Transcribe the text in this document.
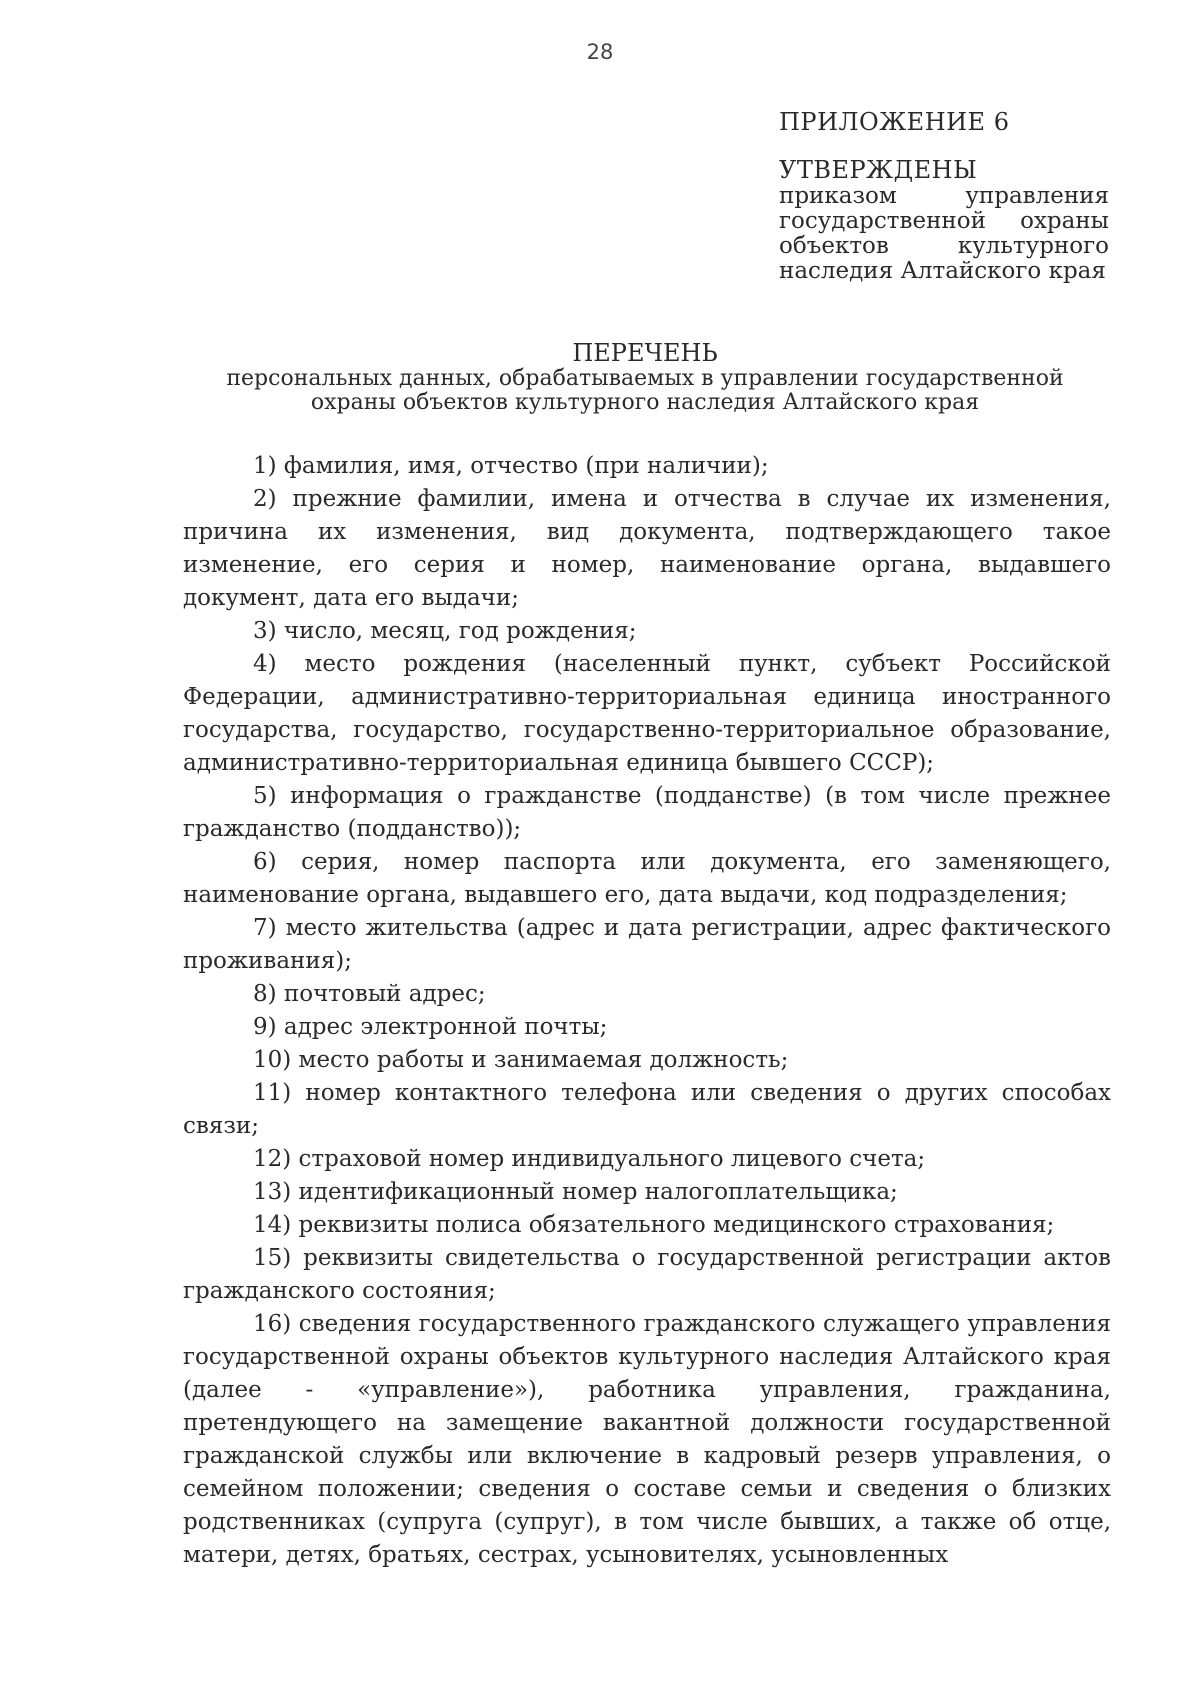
28
ПРИЛОЖЕНИЕ 6
УТВЕРЖДЕНЫ
приказом управления государственной охраны объектов культурного наследия Алтайского края
ПЕРЕЧЕНЬ
персональных данных, обрабатываемых в управлении государственной
охраны объектов культурного наследия Алтайского края

1) фамилия, имя, отчество (при наличии);

2) прежние фамилии, имена и отчества в случае их изменения, причина их изменения, вид документа, подтверждающего такое изменение, его серия и номер, наименование органа, выдавшего документ, дата его выдачи;

3) число, месяц, год рождения;

4) место рождения (населенный пункт, субъект Российской Федерации, административно-территориальная единица иностранного государства, государство, государственно-территориальное образование, административно-территориальная единица бывшего СССР);

5) информация о гражданстве (подданстве) (в том числе прежнее гражданство (подданство));

6) серия, номер паспорта или документа, его заменяющего, наименование органа, выдавшего его, дата выдачи, код подразделения;

7) место жительства (адрес и дата регистрации, адрес фактического проживания);

8) почтовый адрес;

9) адрес электронной почты;

10) место работы и занимаемая должность;

11) номер контактного телефона или сведения о других способах связи;

12) страховой номер индивидуального лицевого счета;

13) идентификационный номер налогоплательщика;

14) реквизиты полиса обязательного медицинского страхования;

15) реквизиты свидетельства о государственной регистрации актов гражданского состояния;

16) сведения государственного гражданского служащего управления государственной охраны объектов культурного наследия Алтайского края (далее - «управление»), работника управления, гражданина, претендующего на замещение вакантной должности государственной гражданской службы или включение в кадровый резерв управления, о семейном положении; сведения о составе семьи и сведения о близких родственниках (супруга (супруг), в том числе бывших, а также об отце, матери, детях, братьях, сестрах, усыновителях, усыновленных
